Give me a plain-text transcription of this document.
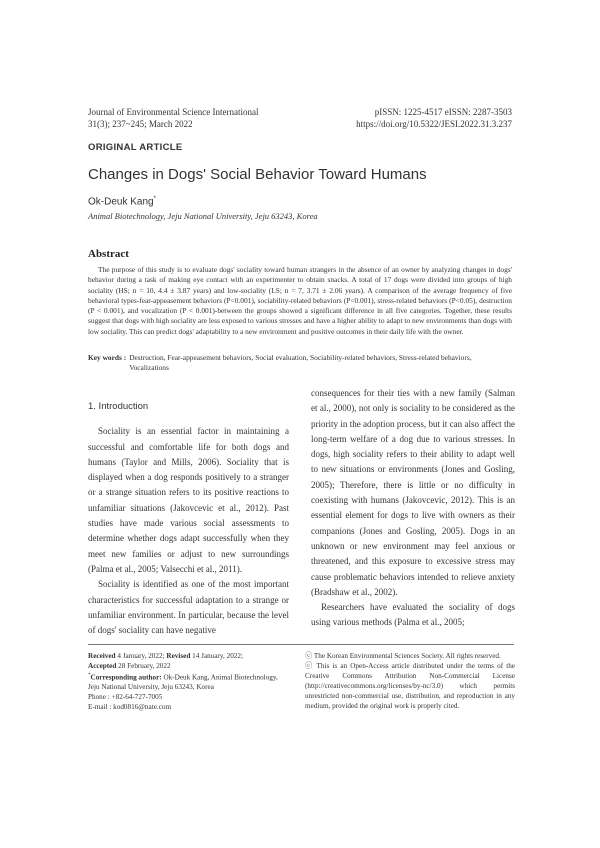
Journal of Environmental Science International
31(3); 237~245; March 2022
pISSN: 1225-4517 eISSN: 2287-3503
https://doi.org/10.5322/JESI.2022.31.3.237
ORIGINAL ARTICLE
Changes in Dogs' Social Behavior Toward Humans
Ok-Deuk Kang*
Animal Biotechnology, Jeju National University, Jeju 63243, Korea
Abstract
The purpose of this study is to evaluate dogs' sociality toward human strangers in the absence of an owner by analyzing changes in dogs' behavior during a task of making eye contact with an experimenter to obtain snacks. A total of 17 dogs were divided into groups of high sociality (HS; n = 10, 4.4 ± 3.87 years) and low-sociality (LS; n = 7, 3.71 ± 2.06 years). A comparison of the average frequency of five behavioral types-fear-appeasement behaviors (P<0.001), sociability-related behaviors (P<0.001), stress-related behaviors (P<0.05), destruction (P < 0.001), and vocalization (P < 0.001)-between the groups showed a significant difference in all five categories. Together, these results suggest that dogs with high sociality are less exposed to various stresses and have a higher ability to adapt to new environments than dogs with low sociality. This can predict dogs' adaptability to a new environment and positive outcomes in their daily life with the owner.
Key words : Destruction, Fear-appeasement behaviors, Social evaluation, Sociability-related behaviors, Stress-related behaviors, Vocalizations
1. Introduction

Sociality is an essential factor in maintaining a successful and comfortable life for both dogs and humans (Taylor and Mills, 2006). Sociality that is displayed when a dog responds positively to a stranger or a strange situation refers to its positive reactions to unfamiliar situations (Jakovcevic et al., 2012). Past studies have made various social assessments to determine whether dogs adapt successfully when they meet new families or adjust to new surroundings (Palma et al., 2005; Valsecchi et al., 2011).

Sociality is identified as one of the most important characteristics for successful adaptation to a strange or unfamiliar environment. In particular, because the level of dogs' sociality can have negative

consequences for their ties with a new family (Salman et al., 2000), not only is sociality to be considered as the priority in the adoption process, but it can also affect the long-term welfare of a dog due to various stresses. In dogs, high sociality refers to their ability to adapt well to new situations or environments (Jones and Gosling, 2005); Therefore, there is little or no difficulty in coexisting with humans (Jakovcevic, 2012). This is an essential element for dogs to live with owners as their companions (Jones and Gosling, 2005). Dogs in an unknown or new environment may feel anxious or threatened, and this exposure to excessive stress may cause problematic behaviors intended to relieve anxiety (Bradshaw et al., 2002).

Researchers have evaluated the sociality of dogs using various methods (Palma et al., 2005;

Received 4 January, 2022; Revised 14 January, 2022;
Accepted 28 February, 2022
*Corresponding author: Ok-Deuk Kang, Animal Biotechnology, Jeju National University, Jeju 63243, Korea
Phone : +82-64-727-7005
E-mail : kod0816@nate.com
ⓒ The Korean Environmental Sciences Society. All rights reserved.
ⓒ This is an Open-Access article distributed under the terms of the Creative Commons Attribution Non-Commercial License (http://creativecommons.org/licenses/by-nc/3.0) which permits unrestricted non-commercial use, distribution, and reproduction in any medium, provided the original work is properly cited.
